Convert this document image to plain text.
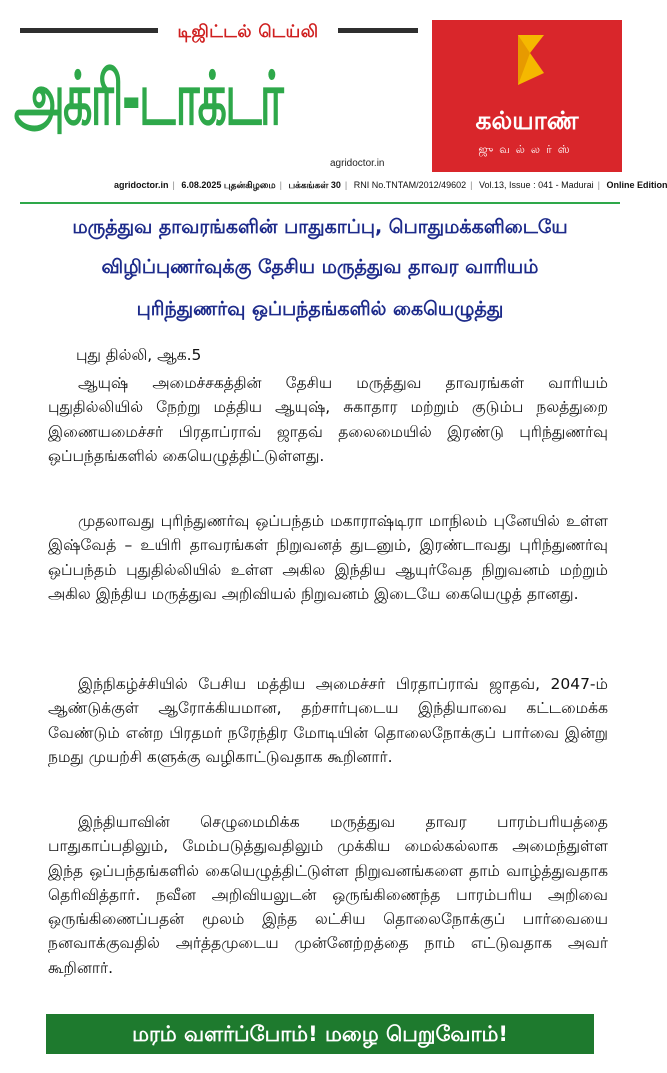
டிஜிட்டல் டெய்லி
அக்ரி-டாக்டர்
agridoctor.in
கல்யாண்
ஜுவல்லர்ஸ்
agridoctor.in | 6.08.2025 புதன்கிழமை | பக்கங்கள் 30 | RNI No.TNTAM/2012/49602 | Vol.13, Issue : 041 - Madurai | Online Edition
மருத்துவ தாவரங்களின் பாதுகாப்பு, பொதுமக்களிடையே
விழிப்புணர்வுக்கு தேசிய மருத்துவ தாவர வாரியம்
புரிந்துணர்வு ஒப்பந்தங்களில் கையெழுத்து
புது தில்லி, ஆக.5
ஆயுஷ் அமைச்சகத்தின் தேசிய மருத்துவ தாவரங்கள் வாரியம் புதுதில்லியில் நேற்று மத்திய ஆயுஷ், சுகாதார மற்றும் குடும்ப நலத்துறை இணையமைச்சர் பிரதாப்ராவ் ஜாதவ் தலைமையில் இரண்டு புரிந்துணர்வு ஒப்பந்தங்களில் கையெழுத்திட்டுள்ளது.
முதலாவது புரிந்துணர்வு ஒப்பந்தம் மகாராஷ்டிரா மாநிலம் புனேயில் உள்ள இஷ்வேத் – உயிரி தாவரங்கள் நிறுவனத் துடனும், இரண்டாவது புரிந்துணர்வு ஒப்பந்தம் புதுதில்லியில் உள்ள அகில இந்திய ஆயுர்வேத நிறுவனம் மற்றும் அகில இந்திய மருத்துவ அறிவியல் நிறுவனம் இடையே கையெழுத் தானது.
இந்நிகழ்ச்சியில் பேசிய மத்திய அமைச்சர் பிரதாப்ராவ் ஜாதவ், 2047-ம் ஆண்டுக்குள் ஆரோக்கியமான, தற்சார்புடைய இந்தியாவை கட்டமைக்க வேண்டும் என்ற பிரதமர் நரேந்திர மோடியின் தொலைநோக்குப் பார்வை இன்று நமது முயற்சி களுக்கு வழிகாட்டுவதாக கூறினார்.
இந்தியாவின் செழுமைமிக்க மருத்துவ தாவர பாரம்பரியத்தை பாதுகாப்பதிலும், மேம்படுத்துவதிலும் முக்கிய மைல்கல்லாக அமைந்துள்ள இந்த ஒப்பந்தங்களில் கையெழுத்திட்டுள்ள நிறுவனங்களை தாம் வாழ்த்துவதாக தெரிவித்தார். நவீன அறிவியலுடன் ஒருங்கிணைந்த பாரம்பரிய அறிவை ஒருங்கிணைப்பதன் மூலம் இந்த லட்சிய தொலைநோக்குப் பார்வையை நனவாக்குவதில் அர்த்தமுடைய முன்னேற்றத்தை நாம் எட்டுவதாக அவர் கூறினார்.
மரம் வளர்ப்போம்! மழை பெறுவோம்!
